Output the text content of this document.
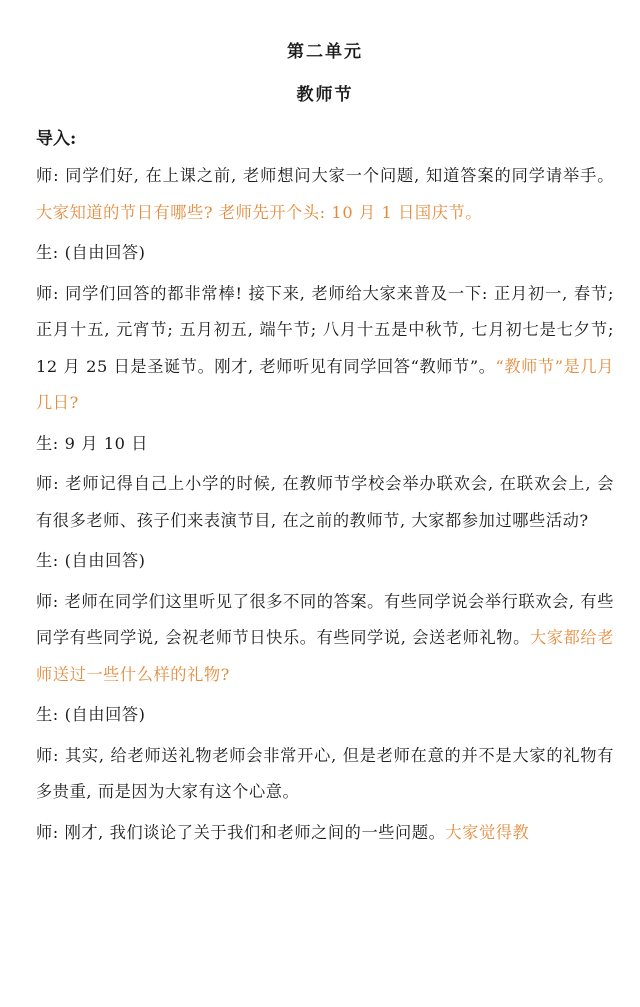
第二单元
教师节
导入:

师: 同学们好, 在上课之前, 老师想问大家一个问题, 知道答案的同学请举手。大家知道的节日有哪些? 老师先开个头: 10 月 1 日国庆节。

生: (自由回答)

师: 同学们回答的都非常棒! 接下来, 老师给大家来普及一下: 正月初一, 春节; 正月十五, 元宵节; 五月初五, 端午节; 八月十五是中秋节, 七月初七是七夕节; 12 月 25 日是圣诞节。刚才, 老师听见有同学回答“教师节”。“教师节”是几月几日?

生: 9 月 10 日

师: 老师记得自己上小学的时候, 在教师节学校会举办联欢会, 在联欢会上, 会有很多老师、孩子们来表演节目, 在之前的教师节, 大家都参加过哪些活动?

生: (自由回答)

师: 老师在同学们这里听见了很多不同的答案。有些同学说会举行联欢会, 有些同学有些同学说, 会祝老师节日快乐。有些同学说, 会送老师礼物。大家都给老师送过一些什么样的礼物?

生: (自由回答)

师: 其实, 给老师送礼物老师会非常开心, 但是老师在意的并不是大家的礼物有多贵重, 而是因为大家有这个心意。

师: 刚才, 我们谈论了关于我们和老师之间的一些问题。大家觉得教
